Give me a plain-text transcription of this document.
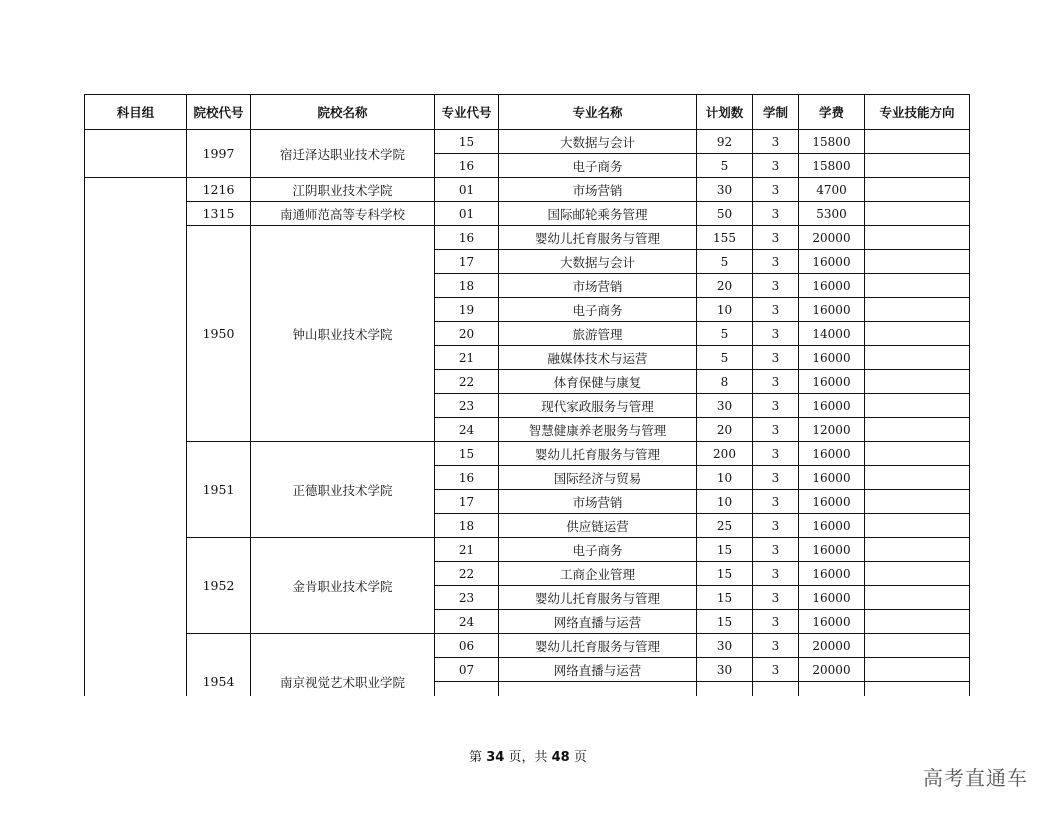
科目组	院校代号	院校名称	专业代号	专业名称	计划数	学制	学费	专业技能方向
	1997	宿迁泽达职业技术学院	15	大数据与会计	92	3	15800	
			16	电子商务	5	3	15800	
	1216	江阴职业技术学院	01	市场营销	30	3	4700	
	1315	南通师范高等专科学校	01	国际邮轮乘务管理	50	3	5300	
	1950	钟山职业技术学院	16	婴幼儿托育服务与管理	155	3	20000	
			17	大数据与会计	5	3	16000	
			18	市场营销	20	3	16000	
			19	电子商务	10	3	16000	
			20	旅游管理	5	3	14000	
			21	融媒体技术与运营	5	3	16000	
			22	体育保健与康复	8	3	16000	
			23	现代家政服务与管理	30	3	16000	
			24	智慧健康养老服务与管理	20	3	12000	
	1951	正德职业技术学院	15	婴幼儿托育服务与管理	200	3	16000	
			16	国际经济与贸易	10	3	16000	
			17	市场营销	10	3	16000	
			18	供应链运营	25	3	16000	
	1952	金肯职业技术学院	21	电子商务	15	3	16000	
			22	工商企业管理	15	3	16000	
			23	婴幼儿托育服务与管理	15	3	16000	
			24	网络直播与运营	15	3	16000	
	1954	南京视觉艺术职业学院	06	婴幼儿托育服务与管理	30	3	20000	
			07	网络直播与运营	30	3	20000	

第 34 页，共 48 页
高考直通车
